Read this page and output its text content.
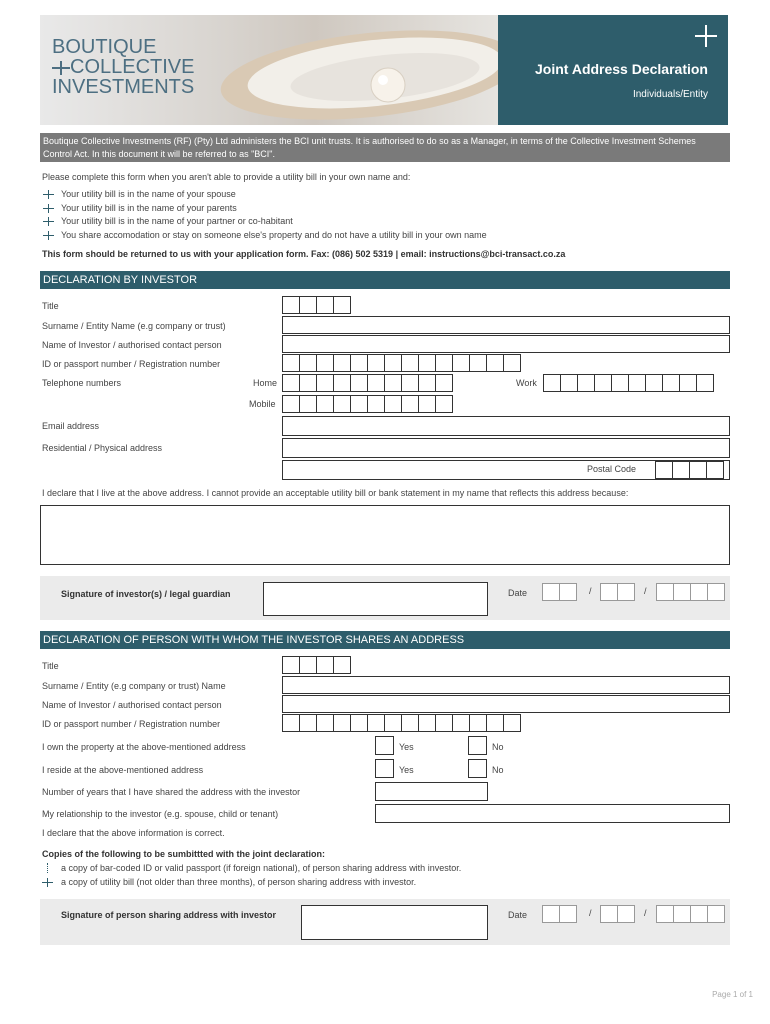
BOUTIQUE
COLLECTIVE
INVESTMENTS
Joint Address Declaration
Individuals/Entity
Boutique Collective Investments (RF) (Pty) Ltd administers the BCI unit trusts. It is authorised to do so as a Manager, in terms of the Collective Investment Schemes Control Act. In this document it will be referred to as "BCI".
Please complete this form when you aren't able to provide a utility bill in your own name and:
Your utility bill is in the name of your spouse
Your utility bill is in the name of your parents
Your utility bill is in the name of your partner or co-habitant
You share accomodation or stay on someone else's property and do not have a utility bill in your own name
This form should be returned to us with your application form. Fax: (086) 502 5319 | email: instructions@bci-transact.co.za
DECLARATION BY INVESTOR
Title
Surname / Entity Name (e.g company or trust)
Name of Investor / authorised contact person
ID or passport number / Registration number
Telephone numbers	Home	Work
Mobile
Email address
Residential / Physical address
Postal Code
I declare that I live at the above address. I cannot provide an acceptable utility bill or bank statement in my name that reflects this address because:
Signature of investor(s) / legal guardian	Date	/	/
DECLARATION OF PERSON WITH WHOM THE INVESTOR SHARES AN ADDRESS
Title
Surname / Entity (e.g company or trust) Name
Name of Investor / authorised contact person
ID or passport number / Registration number
I own the property at the above-mentioned address	Yes	No
I reside at the above-mentioned address	Yes	No
Number of years that I have shared the address with the investor
My relationship to the investor (e.g. spouse, child or tenant)
I declare that the above information is correct.
Copies of the following to be sumbittted with the joint declaration:
a copy of bar-coded ID or valid passport (if foreign national), of person sharing address with investor.
a copy of utility bill (not older than three months), of person sharing address with investor.
Signature of person sharing address with investor	Date	/	/
Page 1 of 1
